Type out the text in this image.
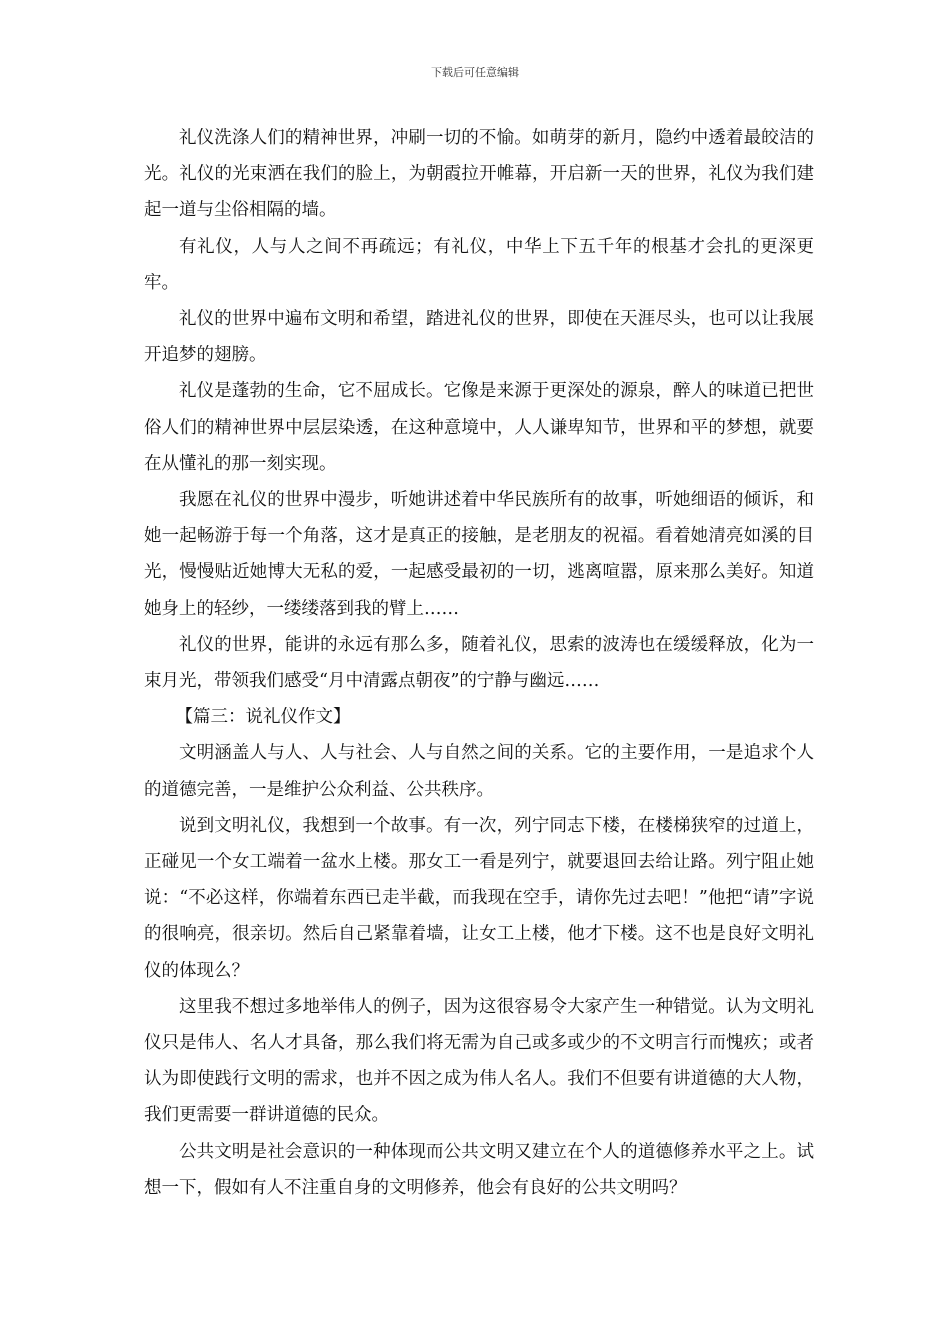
下载后可任意编辑

礼仪洗涤人们的精神世界，冲刷一切的不愉。如萌芽的新月，隐约中透着最皎洁的光。礼仪的光束洒在我们的脸上，为朝霞拉开帷幕，开启新一天的世界，礼仪为我们建起一道与尘俗相隔的墙。

有礼仪，人与人之间不再疏远；有礼仪，中华上下五千年的根基才会扎的更深更牢。

礼仪的世界中遍布文明和希望，踏进礼仪的世界，即使在天涯尽头，也可以让我展开追梦的翅膀。

礼仪是蓬勃的生命，它不屈成长。它像是来源于更深处的源泉，醉人的味道已把世俗人们的精神世界中层层染透，在这种意境中，人人谦卑知节，世界和平的梦想，就要在从懂礼的那一刻实现。

我愿在礼仪的世界中漫步，听她讲述着中华民族所有的故事，听她细语的倾诉，和她一起畅游于每一个角落，这才是真正的接触，是老朋友的祝福。看着她清亮如溪的目光，慢慢贴近她博大无私的爱，一起感受最初的一切，逃离喧嚣，原来那么美好。知道她身上的轻纱，一缕缕落到我的臂上……

礼仪的世界，能讲的永远有那么多，随着礼仪，思索的波涛也在缓缓释放，化为一束月光，带领我们感受“月中清露点朝夜”的宁静与幽远……

【篇三：说礼仪作文】

文明涵盖人与人、人与社会、人与自然之间的关系。它的主要作用，一是追求个人的道德完善，一是维护公众利益、公共秩序。

说到文明礼仪，我想到一个故事。有一次，列宁同志下楼，在楼梯狭窄的过道上，正碰见一个女工端着一盆水上楼。那女工一看是列宁，就要退回去给让路。列宁阻止她说：“不必这样，你端着东西已走半截，而我现在空手，请你先过去吧！”他把“请”字说的很响亮，很亲切。然后自己紧靠着墙，让女工上楼，他才下楼。这不也是良好文明礼仪的体现么？

这里我不想过多地举伟人的例子，因为这很容易令大家产生一种错觉。认为文明礼仪只是伟人、名人才具备，那么我们将无需为自己或多或少的不文明言行而愧疚；或者认为即使践行文明的需求，也并不因之成为伟人名人。我们不但要有讲道德的大人物，我们更需要一群讲道德的民众。

公共文明是社会意识的一种体现而公共文明又建立在个人的道德修养水平之上。试想一下，假如有人不注重自身的文明修养，他会有良好的公共文明吗？
